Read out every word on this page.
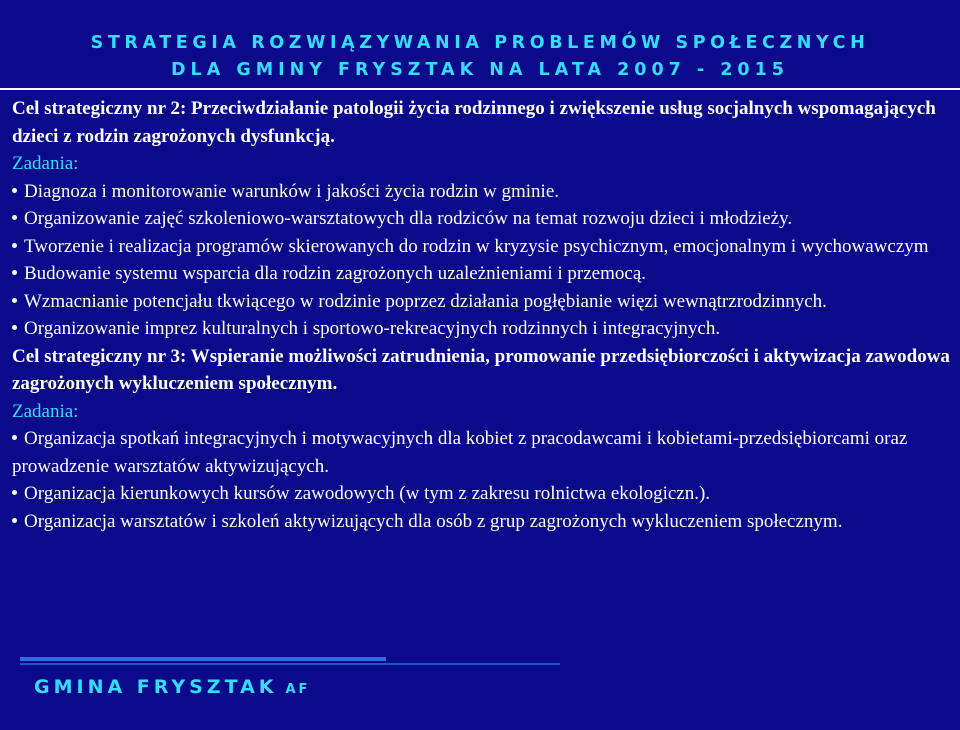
STRATEGIA ROZWIĄZYWANIA PROBLEMÓW SPOŁECZNYCH
DLA GMINY FRYSZTAK NA LATA 2007 - 2015
Cel strategiczny nr 2: Przeciwdziałanie patologii życia rodzinnego i zwiększenie usług socjalnych wspomagających dzieci z rodzin zagrożonych dysfunkcją.
Zadania:
Diagnoza i monitorowanie warunków i jakości życia rodzin w gminie.
Organizowanie zajęć szkoleniowo-warsztatowych dla rodziców na temat rozwoju dzieci i młodzieży.
Tworzenie i realizacja programów skierowanych do rodzin w kryzysie psychicznym, emocjonalnym i wychowawczym
Budowanie systemu wsparcia dla rodzin zagrożonych uzależnieniami i przemocą.
Wzmacnianie potencjału tkwiącego w rodzinie poprzez działania pogłębianie więzi wewnątrzrodzinnych.
Organizowanie imprez kulturalnych i sportowo-rekreacyjnych rodzinnych i integracyjnych.
Cel strategiczny nr 3: Wspieranie możliwości zatrudnienia, promowanie przedsiębiorczości i aktywizacja zawodowa zagrożonych wykluczeniem społecznym.
Zadania:
Organizacja spotkań integracyjnych i motywacyjnych dla kobiet z pracodawcami i kobietami-przedsiębiorcami oraz prowadzenie warsztatów aktywizujących.
Organizacja kierunkowych kursów zawodowych (w tym z zakresu rolnictwa ekologiczn.).
Organizacja warsztatów i szkoleń aktywizujących dla osób z grup zagrożonych wykluczeniem społecznym.
GMINA FRYSZTAK AF
